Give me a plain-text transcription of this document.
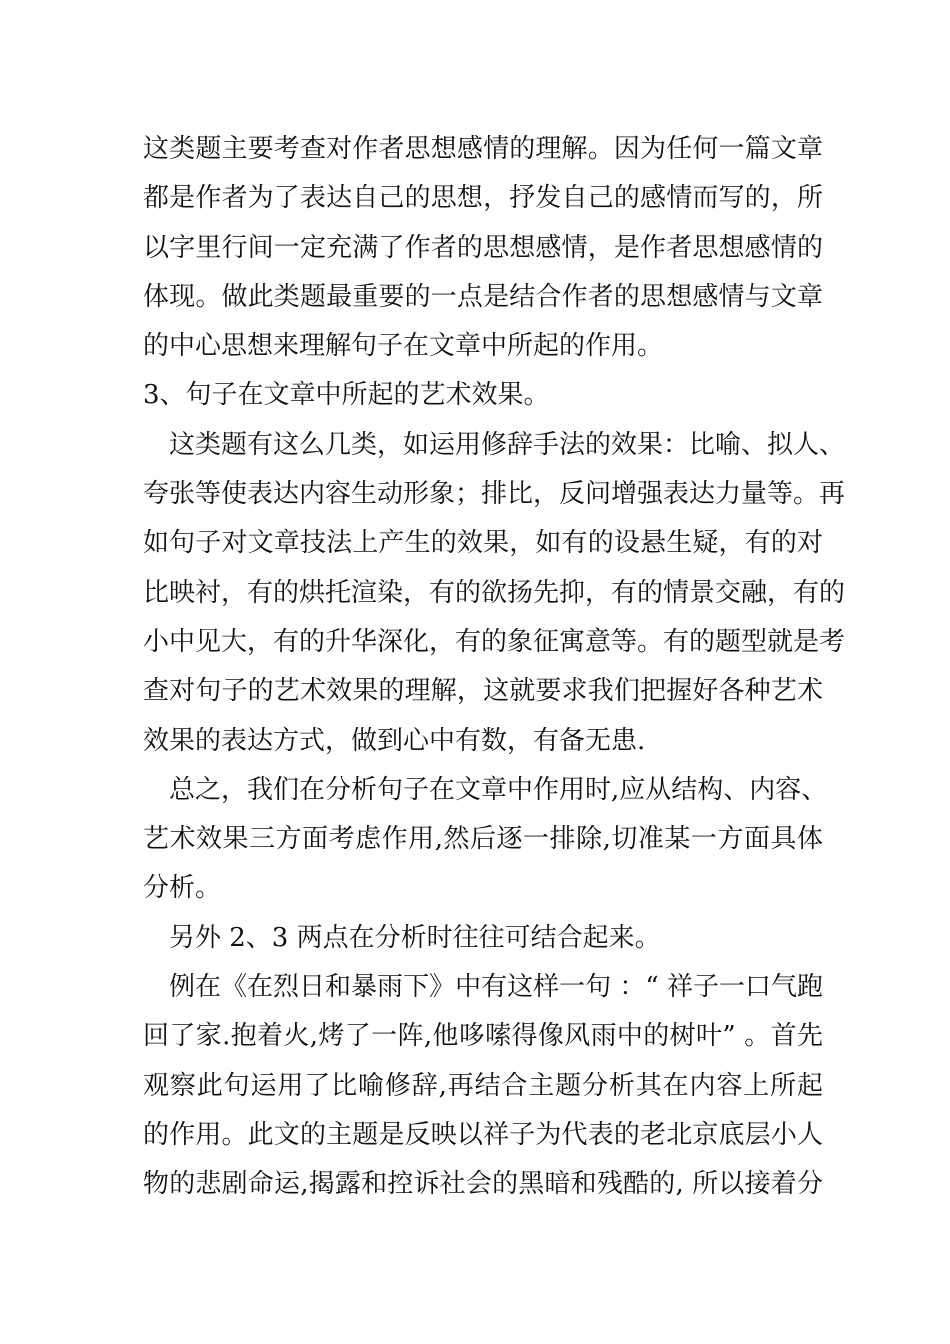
这类题主要考查对作者思想感情的理解。因为任何一篇文章
都是作者为了表达自己的思想，抒发自己的感情而写的，所
以字里行间一定充满了作者的思想感情，是作者思想感情的
体现。做此类题最重要的一点是结合作者的思想感情与文章
的中心思想来理解句子在文章中所起的作用。
3、句子在文章中所起的艺术效果。
　这类题有这么几类，如运用修辞手法的效果：比喻、拟人、
夸张等使表达内容生动形象；排比，反问增强表达力量等。再
如句子对文章技法上产生的效果，如有的设悬生疑，有的对
比映衬，有的烘托渲染，有的欲扬先抑，有的情景交融，有的
小中见大，有的升华深化，有的象征寓意等。有的题型就是考
查对句子的艺术效果的理解，这就要求我们把握好各种艺术
效果的表达方式，做到心中有数，有备无患.
　总之，我们在分析句子在文章中作用时,应从结构、内容、
艺术效果三方面考虑作用,然后逐一排除,切准某一方面具体
分析。
　另外 2、3 两点在分析时往往可结合起来。
　例在《在烈日和暴雨下》中有这样一句 ：“ 祥子一口气跑
回了家.抱着火,烤了一阵,他哆嗦得像风雨中的树叶” 。首先
观察此句运用了比喻修辞,再结合主题分析其在内容上所起
的作用。此文的主题是反映以祥子为代表的老北京底层小人
物的悲剧命运,揭露和控诉社会的黑暗和残酷的, 所以接着分
